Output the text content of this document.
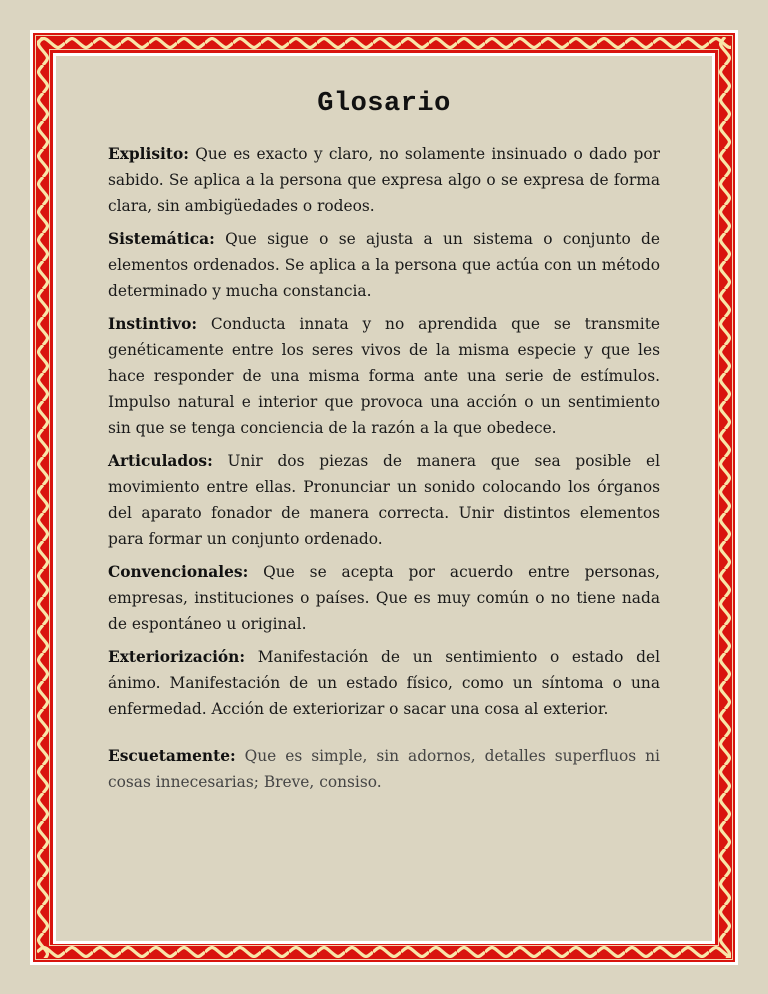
Glosario

Explisito: Que es exacto y claro, no solamente insinuado o dado por sabido. Se aplica a la persona que expresa algo o se expresa de forma clara, sin ambigüedades o rodeos.

Sistemática: Que sigue o se ajusta a un sistema o conjunto de elementos ordenados. Se aplica a la persona que actúa con un método determinado y mucha constancia.

Instintivo: Conducta innata y no aprendida que se transmite genéticamente entre los seres vivos de la misma especie y que les hace responder de una misma forma ante una serie de estímulos. Impulso natural e interior que provoca una acción o un sentimiento sin que se tenga conciencia de la razón a la que obedece.

Articulados: Unir dos piezas de manera que sea posible el movimiento entre ellas. Pronunciar un sonido colocando los órganos del aparato fonador de manera correcta. Unir distintos elementos para formar un conjunto ordenado.

Convencionales: Que se acepta por acuerdo entre personas, empresas, instituciones o países. Que es muy común o no tiene nada de espontáneo u original.

Exteriorización: Manifestación de un sentimiento o estado del ánimo. Manifestación de un estado físico, como un síntoma o una enfermedad. Acción de exteriorizar o sacar una cosa al exterior.

Escuetamente: Que es simple, sin adornos, detalles superfluos ni cosas innecesarias; Breve, consiso.
